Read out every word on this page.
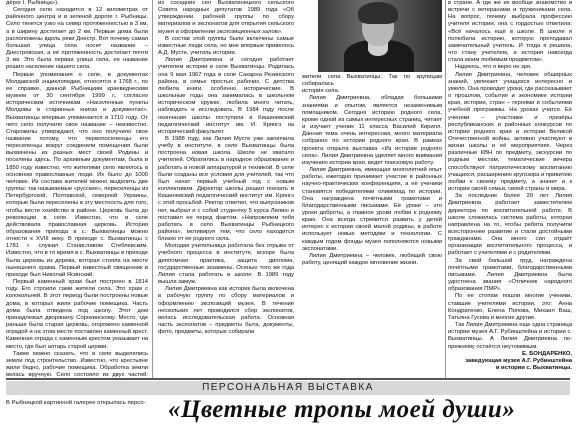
дёрог I. Рыбница»).

Сегодня село находится в 12 километрах от районного центра и в зеленой дороге г. Рыбницы. Село тянется узко на север протяженностью в 3 км, а в ширину достигает до 2 км. Первые дома были расположены вдоль реки Днестр. Вот почему самая большая улица села носит название – Днестровская, а её протяженность достигает почти 3 км. Это была первая улица села, ее название решил население нашего села.

Первые упоминания о селе, в документах Молдавской энциклопедии, относятся к 1768 г., по ее справке, данной Рыбницким краеведческим музеем от 30 сентября 1999 г., согласно историческим источникам «Населенные пункты Молдовы в старинных книгах и документах». Выхватинцы впервые упоминается в 1710 году. От чего село получило свое название – неизвестно. Старожилы утверждают, что оно получило свое название потому, что первопоселенцы его переселенцы вокруг соединили помещения были выхвачены из разных мест своей Родины и поселены здесь. По архивным документам, была в 1850 году известно, что жителями село являлось в основном православные люди. Их было до 1000 человек. Из состава жителей можно выделить две группы: так называемые «русские», переселенцы из Петербургской, Полтавской, северной Украины, которые были переселены в эту местность для того, чтобы вести хозяйство в районе. Церковь была до революции в селе. Известно, что в селе действовала православная церковь. История образования прихода в с. Выхватинцы можно отнести к XVIII веку. В приходе с. Выхватинцы с 1781 г. служил Станиславом Стеблевским. Известно, что в то время в с. Выхватинцы в приходе была церковь из дерева, которая стояла на месте нынешнего храма. Первый известный священник в приходе был Николай Ясинский.

Первый каменный храм был построен в 1814 году. Его строили сами жители села. Это храм с колокольней. В этот период были построены новые дома, в которых жили рабочие помещика. Часть дома была отведена под школу. Этот дом принадлежал дворянину Сорокинскому. Место, где раньше была старая церковь, огорожено каменной оградой и на этом месте поставлен каменный крест. Каменная ограда с каменным крестом указывает на место, где был алтарь старой церкви.

Также можно сказать, что в селе выделялись земли под строительство. Известно, что крестьяне жили бедно, рабочие помещика. Обработка земли велась вручную. Село состояло из двух частей:

из соседних сел Выхватинецкого сельского Совета народных депутатов 1989 года «Об утверждении рабочей группы по сбору материалов и экспонатов для открытия сельского музея и оформлении экспозиционных залов».

В состав этой группы были включены самые известные люди села, но мне впервые привелось А.Д. Мусте, учитель истории.

Лилия Дмитриевна и сегодня работает учителем истории в селе Выхватинцы. Родилась она 9 мая 1967 года в селе Сахарна Резинского района, в семье простых рабочих. С детства любила книги, особенно исторические. В школьные годы она занималась в школьном историческом кружке, любила много читать, наблюдать и исследовать. В 1984 году после окончания школы поступила в Кишиневский педагогический институт им. И. Крянгэ на исторический факультет.

В 1988 году, как Лилия Мусте уже закончила учебу в институте, в селе Выхватинцы была построена новая школа. Школе не хватало учителей. Обратились в народное образование и работать в новой аппаратурой и техникой. В селе были созданы все условия для учителей, так что был начат первый учебный год с новым коллективом. Директор школы решил поехать в Кишиневский педагогический институт им. Крянгэ с этой просьбой. Ректор ответил, что выпускников нет, выбрал и с собой студентку 5 курса Лилию и поставил ее перед фактом. «Напровляем тебя работать в село Выхватинцы Рыбницкого района», мотивируя тем, что село находится близко от ее родного села.

Молодая учительница работала без отрыва от учебного процесса в институте, вскоре была дипломная практика, защита диплома, государственные экзамены. Осенью того же года Лилия стала работать в школе. В 1989 году вышла замуж.

Лилия Дмитриевна как историк была включена в рабочую группу по сбору материалов и оформлению экспозиций музея. В течение нескольких лет проводился сбор экспонатов, велась исследовательская работа. Основная часть экспонатов – предметы быта, документы, фото, предметы, которые собирали

жители села Выхватинцы. Так по крупицам собиралась

история села.

Лилия Дмитриевна, обладая большими знаниями и опытом, является незаменимым помощником. Сегодня историю родного села, кроме одной из самых интересных страниц, читает и изучает ученик 11 класса Василий Кирилл. Данная тема очень интересная, много материала собранно по истории родного края. В рамках проекта открыта выставка «Из истории родного села». Лилия Дмитриевна уделяет много внимания изучению истории края, ведет поисковую работу.

Лилия Дмитриевна, имеющая многолетний опыт работы, ежегодно принимает участие в районных научно-практических конференциях, а её ученики становятся победителями олимпиад по истории. Она награждена почётными грамотами и благодарственными письмами. Её уроки – это уроки доброты, а главное уроки любви к родному краю. Она всегда стремится развить у детей интерес к истории своей малой родины, в работе использует новые методики и технологии. С каждым годом фонды музея пополняются новыми экспонатами.

Лилия Дмитриевна – человек, любящий свою работу, ценящий каждое мгновение жизни.

в стране. А где же их вообще знакомство и встречи с ветеранами и тружениками села. На вопрос, почему выбрала профессию учителя истории, она с гордостью ответила: «Всё началось ещё в школе. В школе я полюбила историю, которую преподавал замечательный учитель. И тогда я решила, что стану учителем, а история навсегда стала моим любимым предметом».

Надеюсь, что я верю не зря.

Лилия Дмитриевна, человек обширных знаний, увлекает учащихся интересно и умело. Она проводит уроки, где рассказывает о прошлом, события и экономике истории края, истории, стран – героями и событиями учебной программы. На уроках учатся. Её ученики – участники и призёры республиканских и районных конкурсов по истории родного края и истории Великой Отечественной войны, активно участвуют в жизни школы и её мероприятиях. Через различные КВН по предмету, экскурсии по родным местам, тематические вечера способствуют патриотическому воспитанию учащихся, расширению кругозора и привитию любви к своему предмету, а значит и к истории своей семьи, своей страны и мира.

За последние более 20 лет Лилия Дмитриевна работает заместителем директора по воспитательной работе. В школе сложилась система работы, которая направлена на то, чтобы ребята получили всестороннее развитие и стали достойными гражданами. Она много сил отдаёт организации воспитательного процесса, и работает с учителями и с родителями.

За свой большой труд, награждена почётными грамотами, благодарственными письмами. Лилия Дмитриевна была удостоена звания «Отличник народного образования ПМР».

По ее стопам пошли многие ученики, ставшие учителями истории, это: Анна Кондратенко, Елена Попова, Михаил Ваш, Татьяна Гусева и многие другие.

Так Лилия Дмитриевна еще одна страница истории музея А.Г. Рубинштейна и истории с. Выхватинцы. А Лилия Дмитриевна по-прежнему остаётся неутомимым.

Е. БОНДАРЕНКО,

заведующая музея А.Г. Рубинштейна

и истории с. Выхватинцы.

ПЕРСОНАЛЬНАЯ ВЫСТАВКА
В Рыбницкой картинной галерее открылась персо- «Цветные тропы моей души»
